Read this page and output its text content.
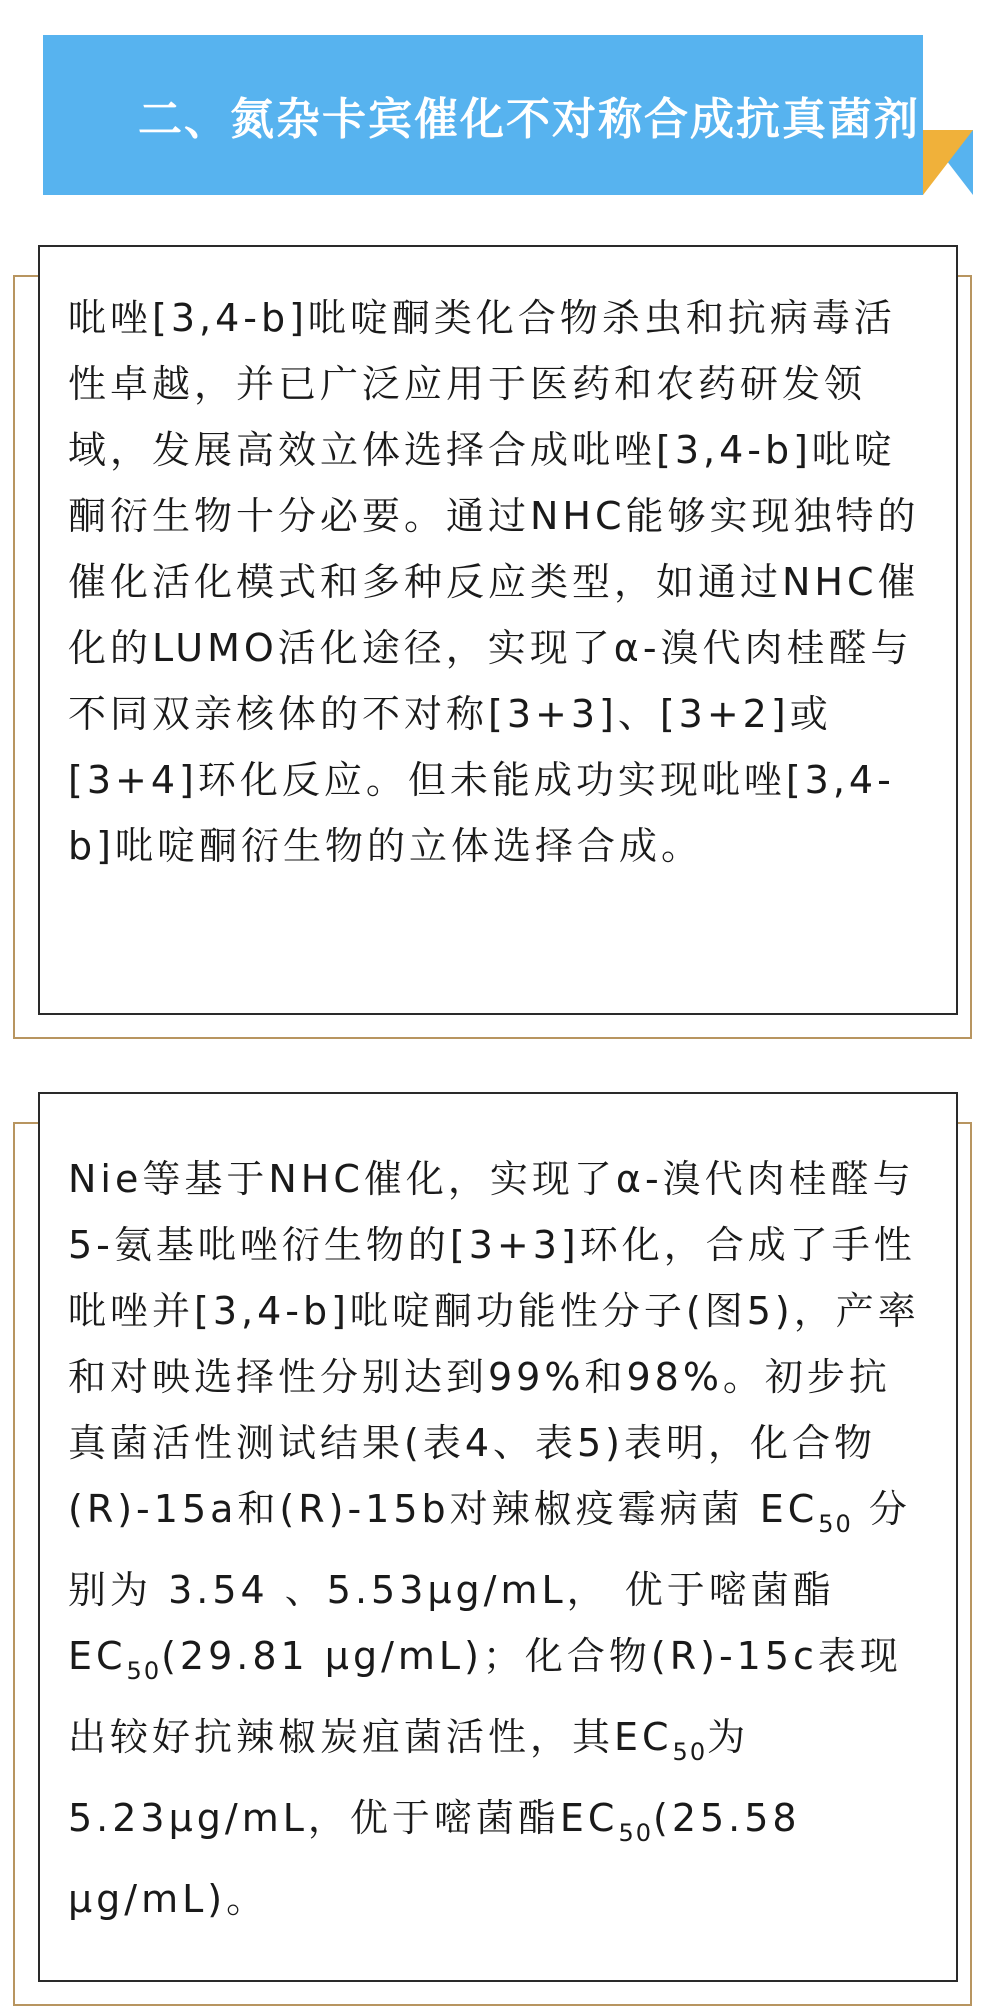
二、氮杂卡宾催化不对称合成抗真菌剂

吡唑[3,4-b]吡啶酮类化合物杀虫和抗病毒活性卓越，并已广泛应用于医药和农药研发领域，发展高效立体选择合成吡唑[3,4-b]吡啶酮衍生物十分必要。通过NHC能够实现独特的催化活化模式和多种反应类型，如通过NHC催化的LUMO活化途径，实现了α-溴代肉桂醛与不同双亲核体的不对称[3+3]、[3+2]或[3+4]环化反应。但未能成功实现吡唑[3,4-b]吡啶酮衍生物的立体选择合成。

Nie等基于NHC催化，实现了α-溴代肉桂醛与5-氨基吡唑衍生物的[3+3]环化，合成了手性吡唑并[3,4-b]吡啶酮功能性分子(图5)，产率和对映选择性分别达到99%和98%。初步抗真菌活性测试结果(表4、表5)表明，化合物(R)-15a和(R)-15b对辣椒疫霉病菌 $EC_{50}$ 分别为 3.54 、5.53μg/mL， 优于嘧菌酯 $EC_{50}(29.81$ μg/mL)；化合物(R)-15c表现出较好抗辣椒炭疽菌活性，其$EC_{50}$为5.23μg/mL，优于嘧菌酯$EC_{50}(25.58$ μg/mL)。
